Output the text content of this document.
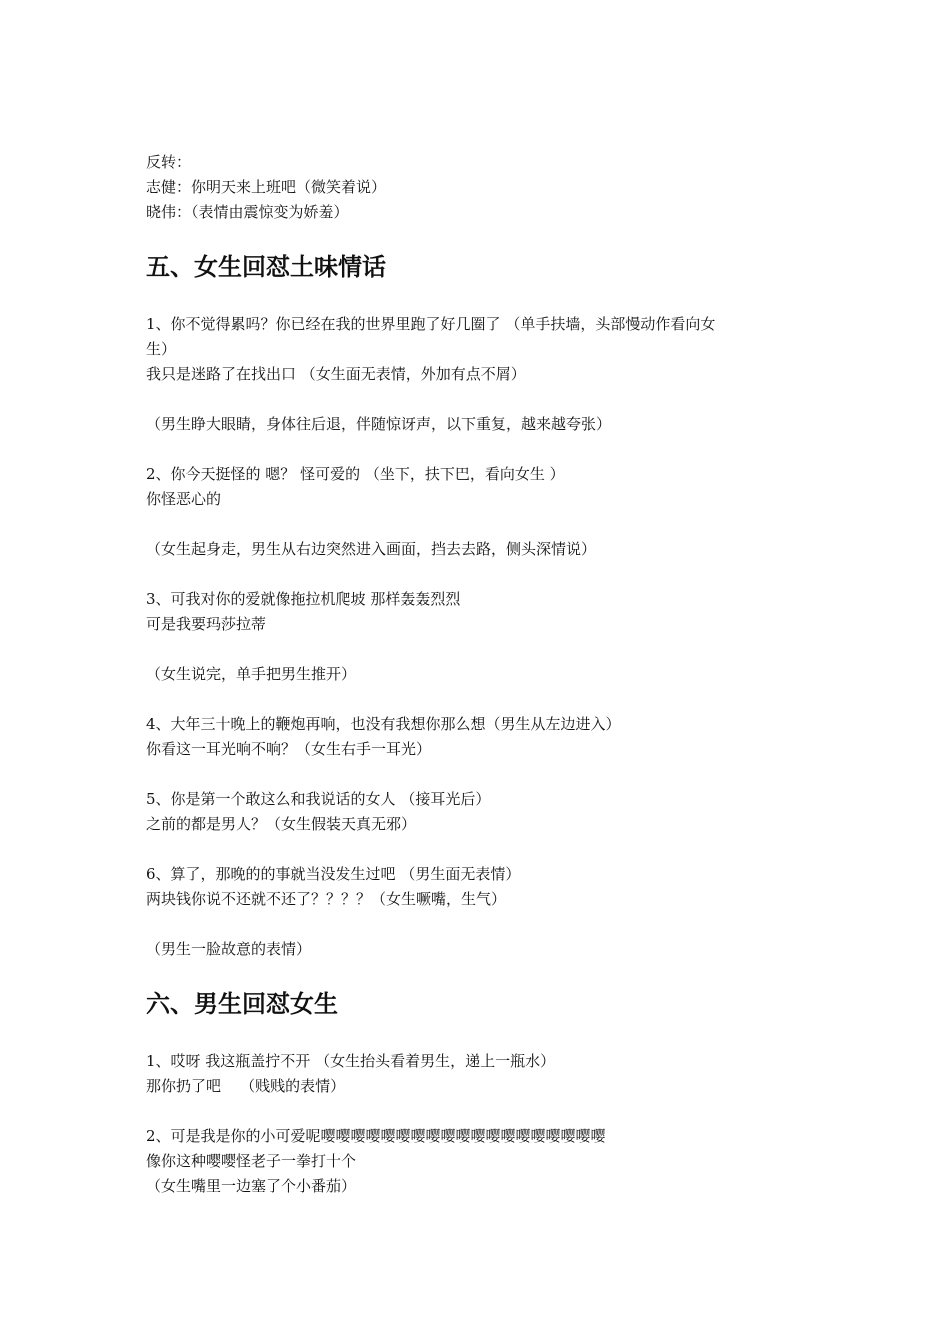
反转：

志健：你明天来上班吧（微笑着说）

晓伟：（表情由震惊变为娇羞）

五、女生回怼土味情话

1、你不觉得累吗？你已经在我的世界里跑了好几圈了 （单手扶墙，头部慢动作看向女

生）

我只是迷路了在找出口 （女生面无表情，外加有点不屑）

（男生睁大眼睛，身体往后退，伴随惊讶声，以下重复，越来越夸张）

2、你今天挺怪的 嗯？ 怪可爱的 （坐下，扶下巴，看向女生 ）

你怪恶心的

（女生起身走，男生从右边突然进入画面，挡去去路，侧头深情说）

3、可我对你的爱就像拖拉机爬坡 那样轰轰烈烈

可是我要玛莎拉蒂

（女生说完，单手把男生推开）

4、大年三十晚上的鞭炮再响，也没有我想你那么想（男生从左边进入）

你看这一耳光响不响？（女生右手一耳光）

5、你是第一个敢这么和我说话的女人 （接耳光后）

之前的都是男人？（女生假装天真无邪）

6、算了，那晚的的事就当没发生过吧 （男生面无表情）

两块钱你说不还就不还了？？？？（女生噘嘴，生气）

（男生一脸故意的表情）

六、男生回怼女生

1、哎呀 我这瓶盖拧不开 （女生抬头看着男生，递上一瓶水）

那你扔了吧    （贱贱的表情）

2、可是我是你的小可爱呢嘤嘤嘤嘤嘤嘤嘤嘤嘤嘤嘤嘤嘤嘤嘤嘤嘤嘤嘤

像你这种嘤嘤怪老子一拳打十个

（女生嘴里一边塞了个小番茄）
